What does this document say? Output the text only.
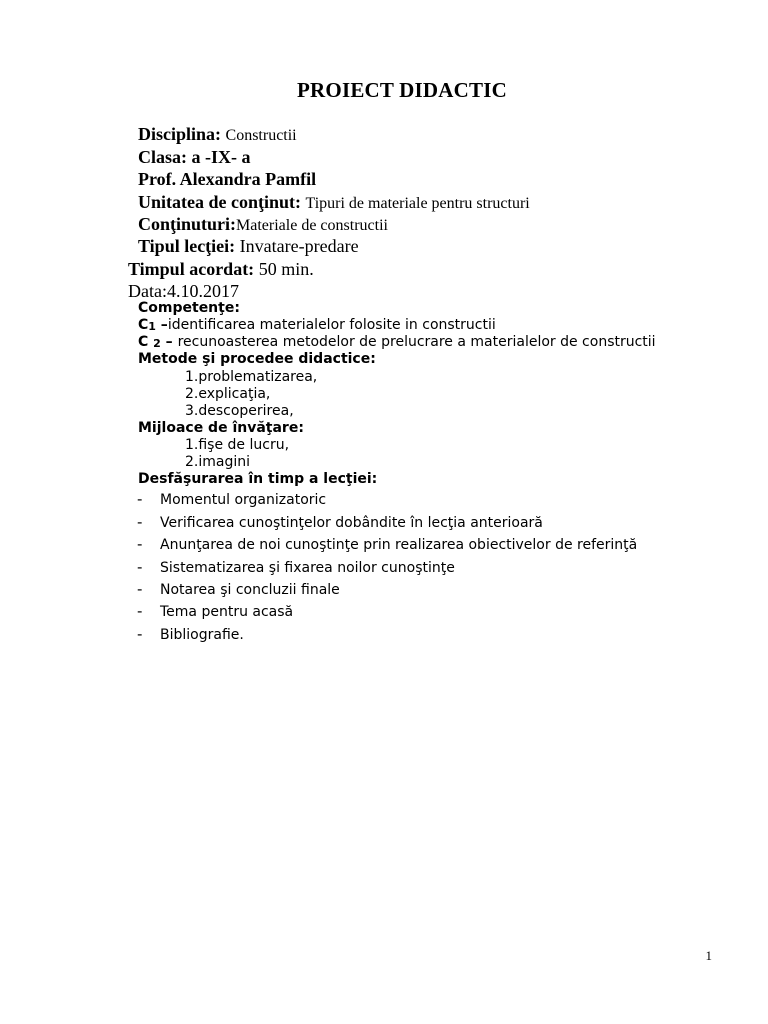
PROIECT DIDACTIC
Disciplina: Constructii
Clasa: a -IX- a
Prof. Alexandra Pamfil
Unitatea de conţinut: Tipuri de materiale pentru structuri
Conţinuturi:Materiale de constructii
Tipul lecţiei: Invatare-predare
Timpul acordat: 50 min.
Data:4.10.2017
Competenţe:
C1 –identificarea materialelor folosite in constructii
C 2 – recunoasterea metodelor de prelucrare a materialelor de constructii
Metode şi procedee didactice:
1.problematizarea,
2.explicaţia,
3.descoperirea,
Mijloace de învăţare:
1.fişe de lucru,
2.imagini
Desfăşurarea în timp a lecţiei:
- Momentul organizatoric
- Verificarea cunoştinţelor dobândite în lecţia anterioară
- Anunţarea de noi cunoştinţe prin realizarea obiectivelor de referinţă
- Sistematizarea şi fixarea noilor cunoştinţe
- Notarea şi concluzii finale
- Tema pentru acasă
- Bibliografie.
1
